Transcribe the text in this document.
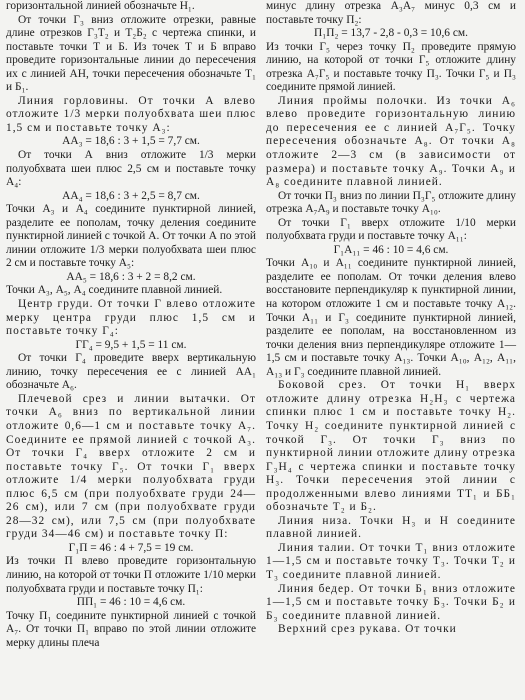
горизонтальной линией обозначьте Н₁.

От точки Г₃ вниз отложите отрезки, равные длине отрезков Г₃Т₂ и Т₂Б₂ с чертежа спинки, и поставьте точки Т и Б. Из точек Т и Б вправо проведите горизонтальные линии до пересечения их с линией АН, точки пересечения обозначьте Т₁ и Б₁.

Линия горловины. От точки А влево отложите 1/3 мерки полуобхвата шеи плюс 1,5 см и поставьте точку А₃:

АА₃ = 18,6 : 3 + 1,5 = 7,7 см.

От точки А вниз отложите 1/3 мерки полуобхвата шеи плюс 2,5 см и поставьте точку А₄:

АА₄ = 18,6 : 3 + 2,5 = 8,7 см.

Точки А₃ и А₄ соедините пунктирной линией, разделите ее пополам, точку деления соедините пунктирной линией с точкой А. От точки А по этой линии отложите 1/3 мерки полуобхвата шеи плюс 2 см и поставьте точку А₅:

АА₅ = 18,6 : 3 + 2 = 8,2 см.

Точки А₃, А₅, А₄ соедините плавной линией.

Центр груди. От точки Г влево отложите мерку центра груди плюс 1,5 см и поставьте точку Г₄:

ГГ₄ = 9,5 + 1,5 = 11 см.

От точки Г₄ проведите вверх вертикальную линию, точку пересечения ее с линией АА₁ обозначьте А₆.

Плечевой срез и линии вытачки. От точки А₆ вниз по вертикальной линии отложите 0,6—1 см и поставьте точку А₇. Соедините ее прямой линией с точкой А₃. От точки Г₄ вверх отложите 2 см и поставьте точку Г₅. От точки Г₁ вверх отложите 1/4 мерки полуобхвата груди плюс 6,5 см (при полуобхвате груди 24—26 см), или 7 см (при полуобхвате груди 28—32 см), или 7,5 см (при полуобхвате груди 34—46 см) и поставьте точку П:

Г₁П = 46 : 4 + 7,5 = 19 см.

Из точки П влево проведите горизонтальную линию, на которой от точки П отложите 1/10 мерки полуобхвата груди и поставьте точку П₁:

ПП₁ = 46 : 10 = 4,6 см.

Точку П₁ соедините пунктирной линией с точкой А₇. От точки П₁ вправо по этой линии отложите мерку длины плеча

минус длину отрезка А₃А₇ минус 0,3 см и поставьте точку П₂:

П₁П₂ = 13,7 - 2,8 - 0,3 = 10,6 см.

Из точки Г₅ через точку П₂ проведите прямую линию, на которой от точки Г₅ отложите длину отрезка А₇Г₅ и поставьте точку П₃. Точки Г₅ и П₃ соедините прямой линией.

Линия проймы полочки. Из точки А₆ влево проведите горизонтальную линию до пересечения ее с линией А₇Г₅. Точку пересечения обозначьте А₈. От точки А₈ отложите 2—3 см (в зависимости от размера) и поставьте точку А₉. Точки А₉ и А₈ соедините плавной линией.

От точки П₃ вниз по линии П₃Г₅ отложите длину отрезка А₇А₉ и поставьте точку А₁₀.

От точки Г₁ вверх отложите 1/10 мерки полуобхвата груди и поставьте точку А₁₁:

Г₁А₁₁ = 46 : 10 = 4,6 см.

Точки А₁₀ и А₁₁ соедините пунктирной линией, разделите ее пополам. От точки деления влево восстановите перпендикуляр к пунктирной линии, на котором отложите 1 см и поставьте точку А₁₂. Точки А₁₁ и Г₃ соедините пунктирной линией, разделите ее пополам, на восстановленном из точки деления вниз перпендикуляре отложите 1—1,5 см и поставьте точку А₁₃. Точки А₁₀, А₁₂, А₁₁, А₁₃ и Г₃ соедините плавной линией.

Боковой срез. От точки Н₁ вверх отложите длину отрезка Н₂Н₃ с чертежа спинки плюс 1 см и поставьте точку Н₂. Точку Н₂ соедините пунктирной линией с точкой Г₃. От точки Г₃ вниз по пунктирной линии отложите длину отрезка Г₃Н₄ с чертежа спинки и поставьте точку Н₃. Точки пересечения этой линии с продолженными влево линиями ТТ₁ и ББ₁ обозначьте Т₂ и Б₂.

Линия низа. Точки Н₃ и Н соедините плавной линией.

Линия талии. От точки Т₁ вниз отложите 1—1,5 см и поставьте точку Т₃. Точки Т₂ и Т₃ соедините плавной линией.

Линия бедер. От точки Б₁ вниз отложите 1—1,5 см и поставьте точку Б₃. Точки Б₂ и Б₃ соедините плавной линией.

Верхний срез рукава. От точки
